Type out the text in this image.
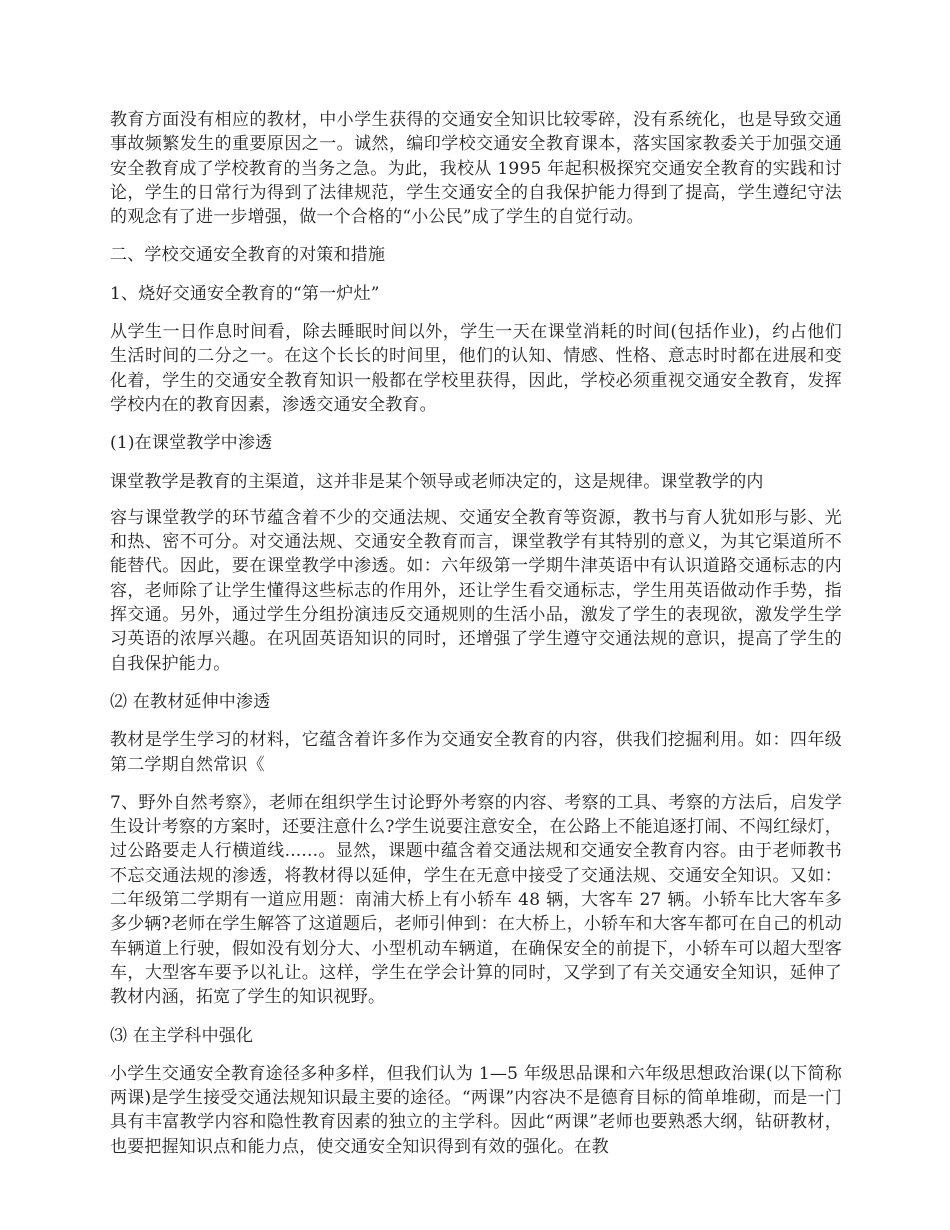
教育方面没有相应的教材，中小学生获得的交通安全知识比较零碎，没有系统化，也是导致交通事故频繁发生的重要原因之一。诚然，编印学校交通安全教育课本，落实国家教委关于加强交通安全教育成了学校教育的当务之急。为此，我校从 1995 年起积极探究交通安全教育的实践和讨论，学生的日常行为得到了法律规范，学生交通安全的自我保护能力得到了提高，学生遵纪守法的观念有了进一步增强，做一个合格的“小公民”成了学生的自觉行动。

二、学校交通安全教育的对策和措施

1、烧好交通安全教育的“第一炉灶”

从学生一日作息时间看，除去睡眠时间以外，学生一天在课堂消耗的时间(包括作业)，约占他们生活时间的二分之一。在这个长长的时间里，他们的认知、情感、性格、意志时时都在进展和变化着，学生的交通安全教育知识一般都在学校里获得，因此，学校必须重视交通安全教育，发挥学校内在的教育因素，渗透交通安全教育。

(1)在课堂教学中渗透

课堂教学是教育的主渠道，这并非是某个领导或老师决定的，这是规律。课堂教学的内

容与课堂教学的环节蕴含着不少的交通法规、交通安全教育等资源，教书与育人犹如形与影、光和热、密不可分。对交通法规、交通安全教育而言，课堂教学有其特别的意义，为其它渠道所不能替代。因此，要在课堂教学中渗透。如：六年级第一学期牛津英语中有认识道路交通标志的内容，老师除了让学生懂得这些标志的作用外，还让学生看交通标志，学生用英语做动作手势，指挥交通。另外，通过学生分组扮演违反交通规则的生活小品，激发了学生的表现欲，激发学生学习英语的浓厚兴趣。在巩固英语知识的同时，还增强了学生遵守交通法规的意识，提高了学生的自我保护能力。

⑵ 在教材延伸中渗透

教材是学生学习的材料，它蕴含着许多作为交通安全教育的内容，供我们挖掘利用。如：四年级第二学期自然常识《

7、野外自然考察》，老师在组织学生讨论野外考察的内容、考察的工具、考察的方法后，启发学生设计考察的方案时，还要注意什么?学生说要注意安全，在公路上不能追逐打闹、不闯红绿灯，过公路要走人行横道线......。显然，课题中蕴含着交通法规和交通安全教育内容。由于老师教书不忘交通法规的渗透，将教材得以延伸，学生在无意中接受了交通法规、交通安全知识。又如：二年级第二学期有一道应用题：南浦大桥上有小轿车 48 辆，大客车 27 辆。小轿车比大客车多多少辆?老师在学生解答了这道题后，老师引伸到：在大桥上，小轿车和大客车都可在自己的机动车辆道上行驶，假如没有划分大、小型机动车辆道，在确保安全的前提下，小轿车可以超大型客车，大型客车要予以礼让。这样，学生在学会计算的同时，又学到了有关交通安全知识，延伸了教材内涵，拓宽了学生的知识视野。

⑶ 在主学科中强化

小学生交通安全教育途径多种多样，但我们认为 1—5 年级思品课和六年级思想政治课(以下简称两课)是学生接受交通法规知识最主要的途径。“两课”内容决不是德育目标的简单堆砌，而是一门具有丰富教学内容和隐性教育因素的独立的主学科。因此“两课”老师也要熟悉大纲，钻研教材，也要把握知识点和能力点，使交通安全知识得到有效的强化。在教
